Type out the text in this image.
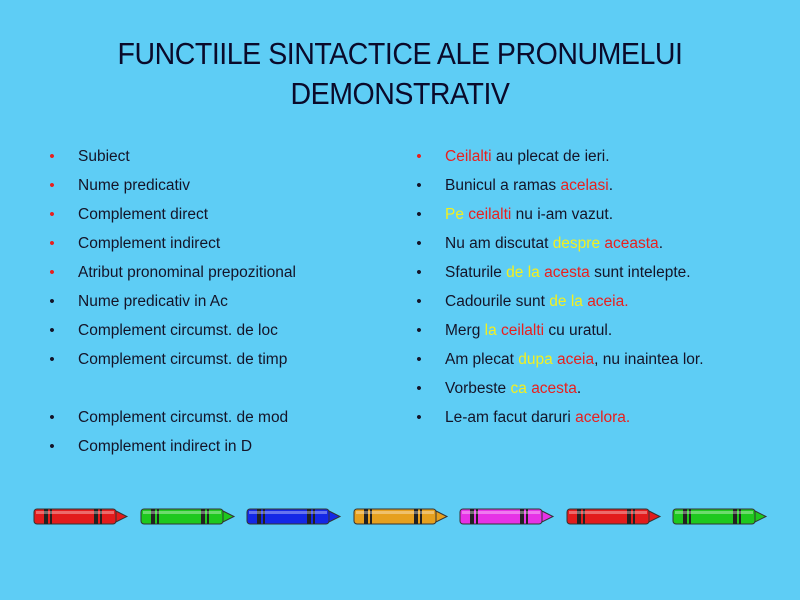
FUNCTIILE SINTACTICE ALE PRONUMELUI
DEMONSTRATIV
• Subiect
• Nume predicativ
• Complement direct
• Complement indirect
• Atribut pronominal prepozitional
• Nume predicativ in Ac
• Complement circumst. de loc
• Complement circumst. de timp
• Complement circumst. de mod
• Complement indirect in D
• Ceilalti au plecat de ieri.
• Bunicul a ramas acelasi.
• Pe ceilalti nu i-am vazut.
• Nu am discutat despre aceasta.
• Sfaturile de la acesta sunt intelepte.
• Cadourile sunt de la aceia.
• Merg la ceilalti cu uratul.
• Am plecat dupa aceia, nu inaintea lor.
• Vorbeste ca acesta.
• Le-am facut daruri acelora.
